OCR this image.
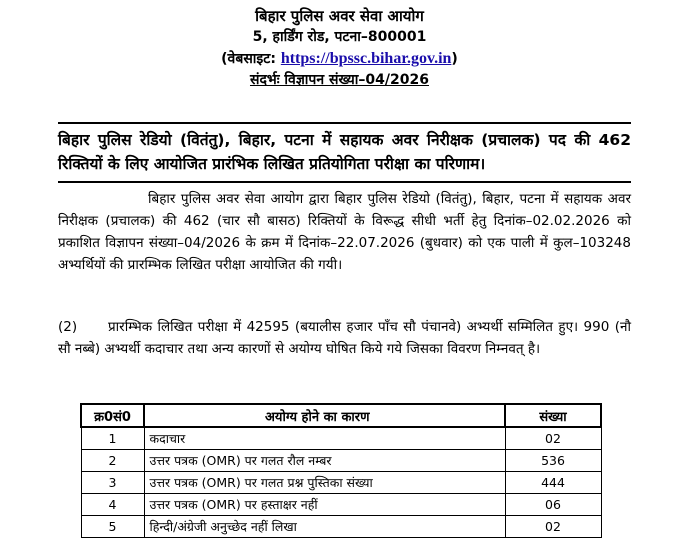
बिहार पुलिस अवर सेवा आयोग
5, हार्डिंग रोड, पटना–800001
(वेबसाइट: https://bpssc.bihar.gov.in)
संदर्भः विज्ञापन संख्या–04/2026
बिहार पुलिस रेडियो (वितंतु), बिहार, पटना में सहायक अवर निरीक्षक (प्रचालक) पद की 462 रिक्तियों के लिए आयोजित प्रारंभिक लिखित प्रतियोगिता परीक्षा का परिणाम।
बिहार पुलिस अवर सेवा आयोग द्वारा बिहार पुलिस रेडियो (वितंतु), बिहार, पटना में सहायक अवर निरीक्षक (प्रचालक) की 462 (चार सौ बासठ) रिक्तियों के विरूद्ध सीधी भर्ती हेतु दिनांक–02.02.2026 को प्रकाशित विज्ञापन संख्या–04/2026 के क्रम में दिनांक–22.07.2026 (बुधवार) को एक पाली में कुल–103248 अभ्यर्थियों की प्रारम्भिक लिखित परीक्षा आयोजित की गयी।
(2) प्रारम्भिक लिखित परीक्षा में 42595 (बयालीस हजार पाँच सौ पंचानवे) अभ्यर्थी सम्मिलित हुए। 990 (नौ सौ नब्बे) अभ्यर्थी कदाचार तथा अन्य कारणों से अयोग्य घोषित किये गये जिसका विवरण निम्नवत् है।
क्र0सं0	अयोग्य होने का कारण	संख्या
1	कदाचार	02
2	उत्तर पत्रक (OMR) पर गलत रौल नम्बर	536
3	उत्तर पत्रक (OMR) पर गलत प्रश्न पुस्तिका संख्या	444
4	उत्तर पत्रक (OMR) पर हस्ताक्षर नहीं	06
5	हिन्दी/अंग्रेजी अनुच्छेद नहीं लिखा	02
